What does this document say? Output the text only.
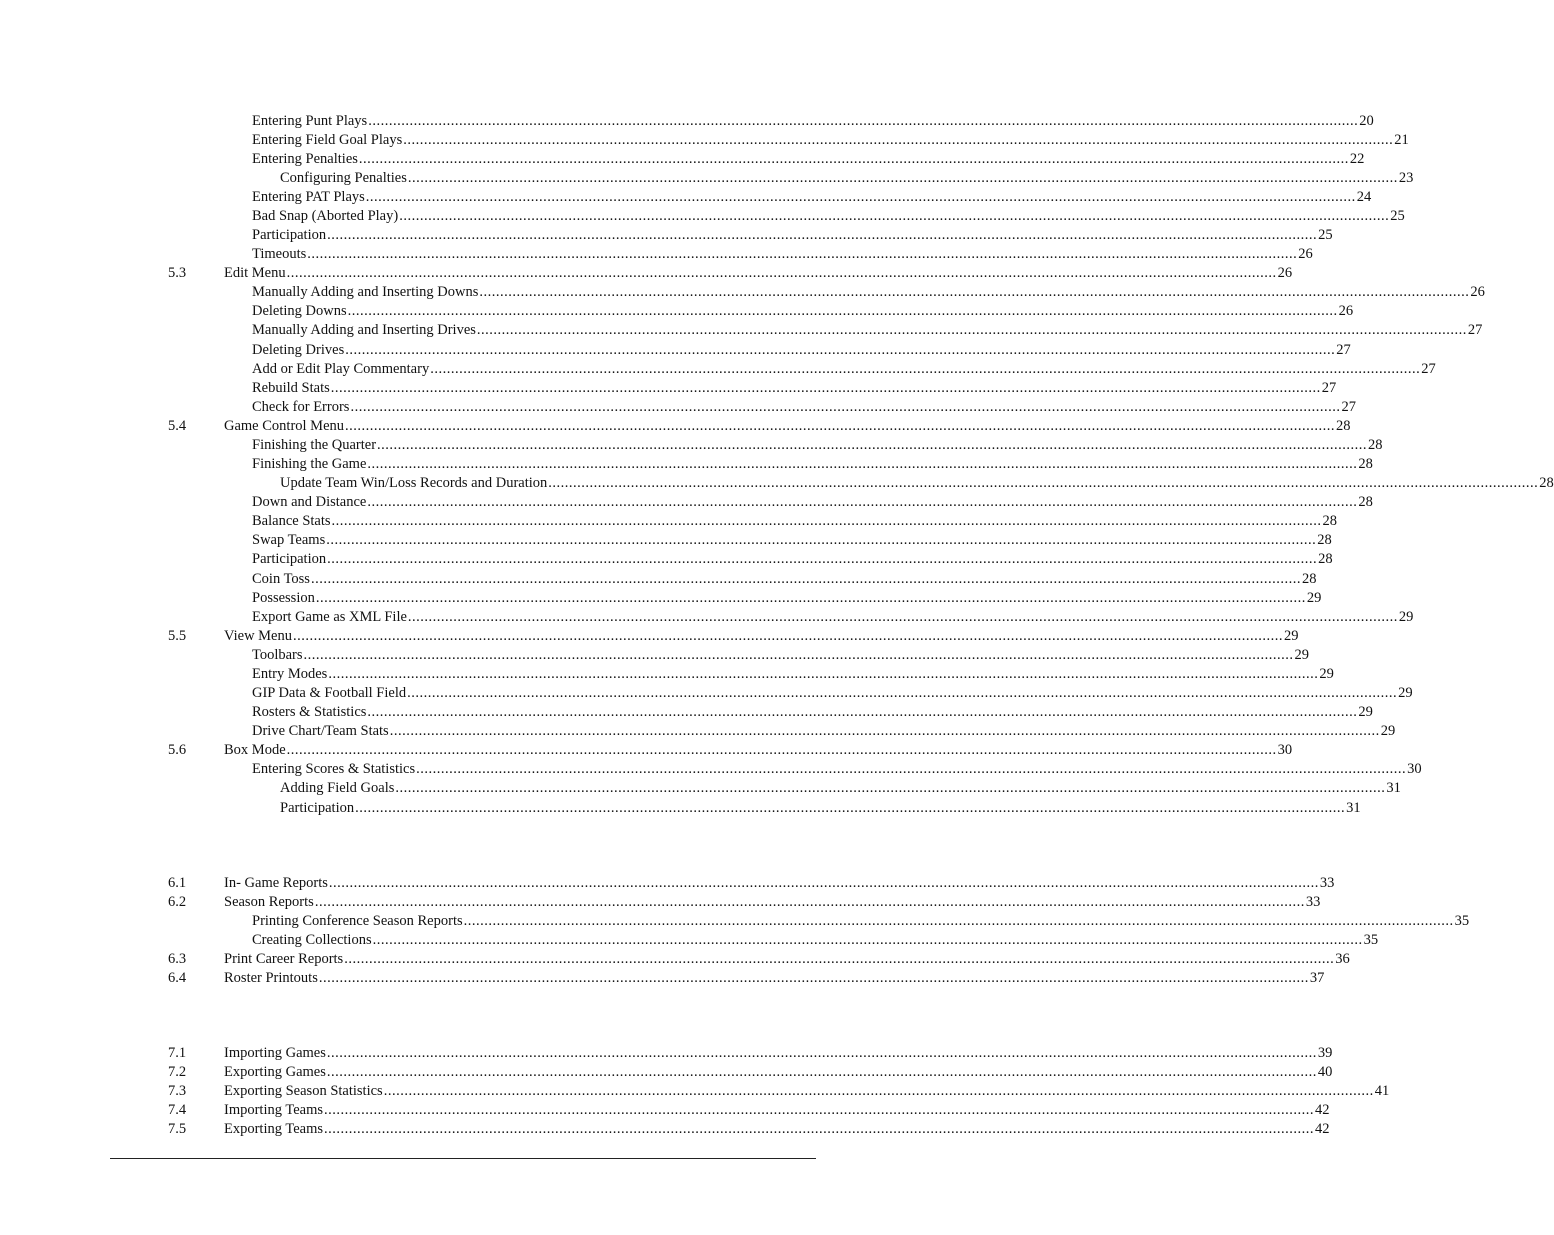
Entering Punt Plays ................................................................................................................................................................................................................................................ 20
Entering Field Goal Plays ................................................................................................................................................................................................................................................ 21
Entering Penalties ................................................................................................................................................................................................................................................ 22
Configuring Penalties ................................................................................................................................................................................................................................................ 23
Entering PAT Plays ................................................................................................................................................................................................................................................ 24
Bad Snap (Aborted Play) ................................................................................................................................................................................................................................................ 25
Participation ................................................................................................................................................................................................................................................ 25
Timeouts ................................................................................................................................................................................................................................................ 26
5.3	Edit Menu ................................................................................................................................................................................................................................................ 26
Manually Adding and Inserting Downs ................................................................................................................................................................................................................................................ 26
Deleting Downs ................................................................................................................................................................................................................................................ 26
Manually Adding and Inserting Drives ................................................................................................................................................................................................................................................ 27
Deleting Drives ................................................................................................................................................................................................................................................ 27
Add or Edit Play Commentary ................................................................................................................................................................................................................................................ 27
Rebuild Stats ................................................................................................................................................................................................................................................ 27
Check for Errors ................................................................................................................................................................................................................................................ 27
5.4	Game Control Menu ................................................................................................................................................................................................................................................ 28
Finishing the Quarter ................................................................................................................................................................................................................................................ 28
Finishing the Game ................................................................................................................................................................................................................................................ 28
Update Team Win/Loss Records and Duration ................................................................................................................................................................................................................................................ 28
Down and Distance ................................................................................................................................................................................................................................................ 28
Balance Stats ................................................................................................................................................................................................................................................ 28
Swap Teams ................................................................................................................................................................................................................................................ 28
Participation ................................................................................................................................................................................................................................................ 28
Coin Toss ................................................................................................................................................................................................................................................ 28
Possession ................................................................................................................................................................................................................................................ 29
Export Game as XML File ................................................................................................................................................................................................................................................ 29
5.5	View Menu ................................................................................................................................................................................................................................................ 29
Toolbars ................................................................................................................................................................................................................................................ 29
Entry Modes ................................................................................................................................................................................................................................................ 29
GIP Data & Football Field ................................................................................................................................................................................................................................................ 29
Rosters & Statistics ................................................................................................................................................................................................................................................ 29
Drive Chart/Team Stats ................................................................................................................................................................................................................................................ 29
5.6	Box Mode ................................................................................................................................................................................................................................................ 30
Entering Scores & Statistics ................................................................................................................................................................................................................................................ 30
Adding Field Goals ................................................................................................................................................................................................................................................ 31
Participation ................................................................................................................................................................................................................................................ 31
6.1	In- Game Reports ................................................................................................................................................................................................................................................ 33
6.2	Season Reports ................................................................................................................................................................................................................................................ 33
Printing Conference Season Reports ................................................................................................................................................................................................................................................ 35
Creating Collections ................................................................................................................................................................................................................................................ 35
6.3	Print Career Reports ................................................................................................................................................................................................................................................ 36
6.4	Roster Printouts ................................................................................................................................................................................................................................................ 37
7.1	Importing Games ................................................................................................................................................................................................................................................ 39
7.2	Exporting Games ................................................................................................................................................................................................................................................ 40
7.3	Exporting Season Statistics ................................................................................................................................................................................................................................................ 41
7.4	Importing Teams ................................................................................................................................................................................................................................................ 42
7.5	Exporting Teams ................................................................................................................................................................................................................................................ 42
